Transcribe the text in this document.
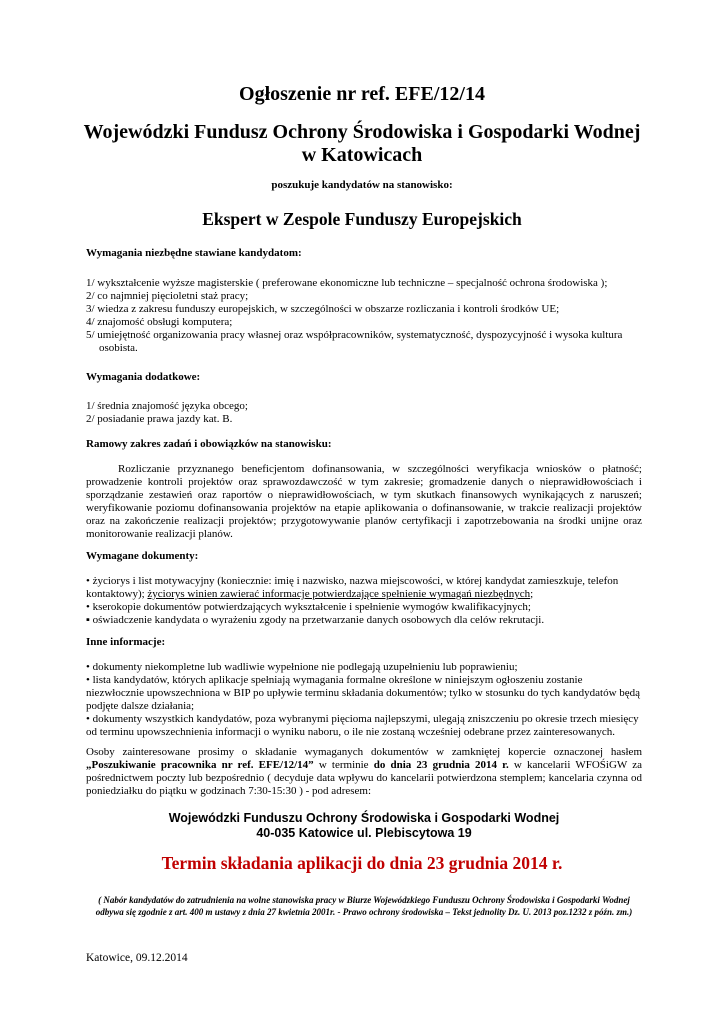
Ogłoszenie nr ref. EFE/12/14
Wojewódzki Fundusz Ochrony Środowiska i Gospodarki Wodnej
w Katowicach
poszukuje kandydatów na stanowisko:
Ekspert w Zespole Funduszy Europejskich
Wymagania niezbędne stawiane kandydatom:

1/ wykształcenie wyższe magisterskie ( preferowane ekonomiczne lub techniczne – specjalność ochrona środowiska );

2/ co najmniej pięcioletni staż pracy;

3/ wiedza z zakresu funduszy europejskich, w szczególności w obszarze rozliczania i kontroli środków UE;

4/ znajomość obsługi komputera;

5/ umiejętność organizowania pracy własnej oraz współpracowników, systematyczność, dyspozycyjność i wysoka kultura osobista.

Wymagania dodatkowe:

1/ średnia znajomość języka obcego;

2/ posiadanie prawa jazdy kat. B.

Ramowy zakres zadań i obowiązków na stanowisku:
Rozliczanie przyznanego beneficjentom dofinansowania, w szczególności weryfikacja wniosków o płatność; prowadzenie kontroli projektów oraz sprawozdawczość w tym zakresie; gromadzenie danych o nieprawidłowościach i sporządzanie zestawień oraz raportów o nieprawidłowościach, w tym skutkach finansowych wynikających z naruszeń; weryfikowanie poziomu dofinansowania projektów na etapie aplikowania o dofinansowanie, w trakcie realizacji projektów oraz na zakończenie realizacji projektów; przygotowywanie planów certyfikacji i zapotrzebowania na środki unijne oraz monitorowanie realizacji planów.
Wymagane dokumenty:

• życiorys i list motywacyjny (koniecznie: imię i nazwisko, nazwa miejscowości, w której kandydat zamieszkuje, telefon kontaktowy); życiorys winien zawierać informacje potwierdzające spełnienie wymagań niezbędnych;

• kserokopie dokumentów potwierdzających wykształcenie i spełnienie wymogów kwalifikacyjnych;

▪ oświadczenie kandydata o wyrażeniu zgody na przetwarzanie danych osobowych dla celów rekrutacji.

Inne informacje:

• dokumenty niekompletne lub wadliwie wypełnione nie podlegają uzupełnieniu lub poprawieniu;

• lista kandydatów, których aplikacje spełniają wymagania formalne określone w niniejszym ogłoszeniu zostanie niezwłocznie upowszechniona w BIP po upływie terminu składania dokumentów; tylko w stosunku do tych kandydatów będą podjęte dalsze działania;

• dokumenty wszystkich kandydatów, poza wybranymi pięcioma najlepszymi, ulegają zniszczeniu po okresie trzech miesięcy od terminu upowszechnienia informacji o wyniku naboru, o ile nie zostaną wcześniej odebrane przez zainteresowanych.

Osoby zainteresowane prosimy o składanie wymaganych dokumentów w zamkniętej kopercie oznaczonej hasłem „Poszukiwanie pracownika nr ref. EFE/12/14” w terminie do dnia 23 grudnia 2014 r. w kancelarii WFOŚiGW za pośrednictwem poczty lub bezpośrednio ( decyduje data wpływu do kancelarii potwierdzona stemplem; kancelaria czynna od poniedziałku do piątku w godzinach 7:30-15:30 ) - pod adresem:
Wojewódzki Funduszu Ochrony Środowiska i Gospodarki Wodnej
40-035 Katowice ul. Plebiscytowa 19
Termin składania aplikacji do dnia 23 grudnia 2014 r.
( Nabór kandydatów do zatrudnienia na wolne stanowiska pracy w Biurze Wojewódzkiego Funduszu Ochrony Środowiska i Gospodarki Wodnej odbywa się zgodnie z art. 400 m ustawy z dnia 27 kwietnia 2001r. - Prawo ochrony środowiska – Tekst jednolity Dz. U. 2013 poz.1232 z późn. zm.)
Katowice, 09.12.2014
